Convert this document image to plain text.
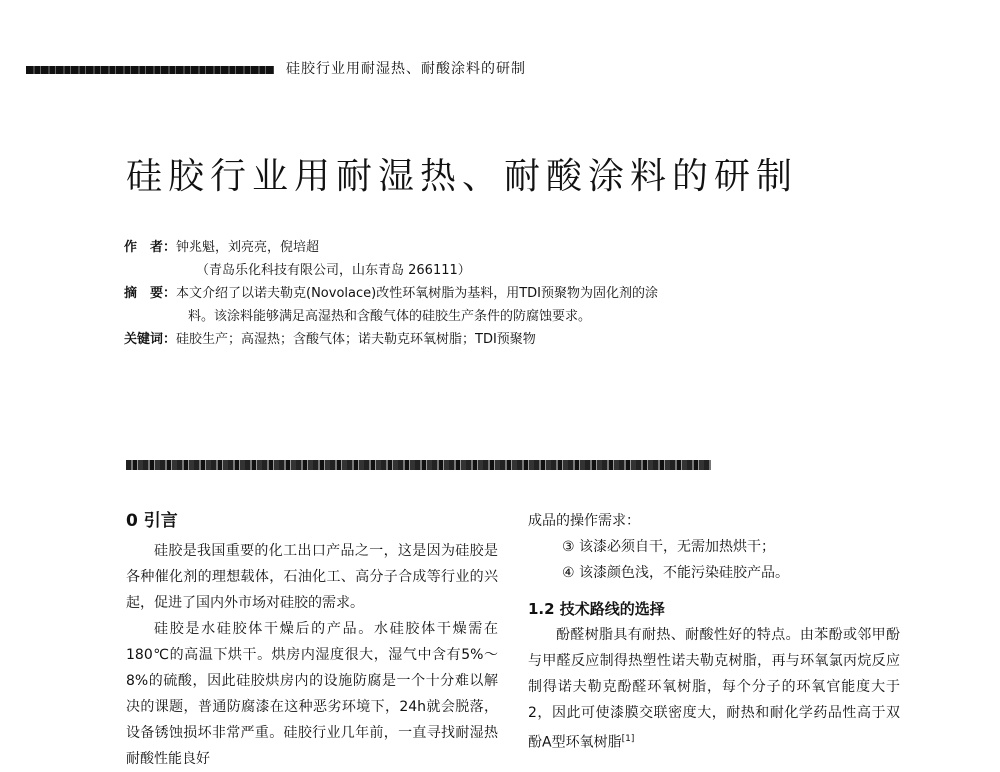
硅胶行业用耐湿热、耐酸涂料的研制
硅胶行业用耐湿热、耐酸涂料的研制
作　者： 钟兆魁，刘亮亮，倪培超
（青岛乐化科技有限公司，山东青岛 266111）
摘　要： 本文介绍了以诺夫勒克(Novolace)改性环氧树脂为基料，用TDI预聚物为固化剂的涂
料。该涂料能够满足高湿热和含酸气体的硅胶生产条件的防腐蚀要求。
关键词： 硅胶生产；高湿热；含酸气体；诺夫勒克环氧树脂；TDI预聚物
0 引言
硅胶是我国重要的化工出口产品之一，这是因为硅胶是各种催化剂的理想载体，石油化工、高分子合成等行业的兴起，促进了国内外市场对硅胶的需求。
硅胶是水硅胶体干燥后的产品。水硅胶体干燥需在180℃的高温下烘干。烘房内湿度很大，湿气中含有5%～8%的硫酸，因此硅胶烘房内的设施防腐是一个十分难以解决的课题，普通防腐漆在这种恶劣环境下，24h就会脱落，设备锈蚀损坏非常严重。硅胶行业几年前，一直寻找耐湿热耐酸性能良好
成品的操作需求：
③ 该漆必须自干，无需加热烘干；
④ 该漆颜色浅，不能污染硅胶产品。
1.2 技术路线的选择
酚醛树脂具有耐热、耐酸性好的特点。由苯酚或邻甲酚与甲醛反应制得热塑性诺夫勒克树脂，再与环氧氯丙烷反应制得诺夫勒克酚醛环氧树脂，每个分子的环氧官能度大于2，因此可使漆膜交联密度大，耐热和耐化学药品性高于双酚A型环氧树脂[1]
